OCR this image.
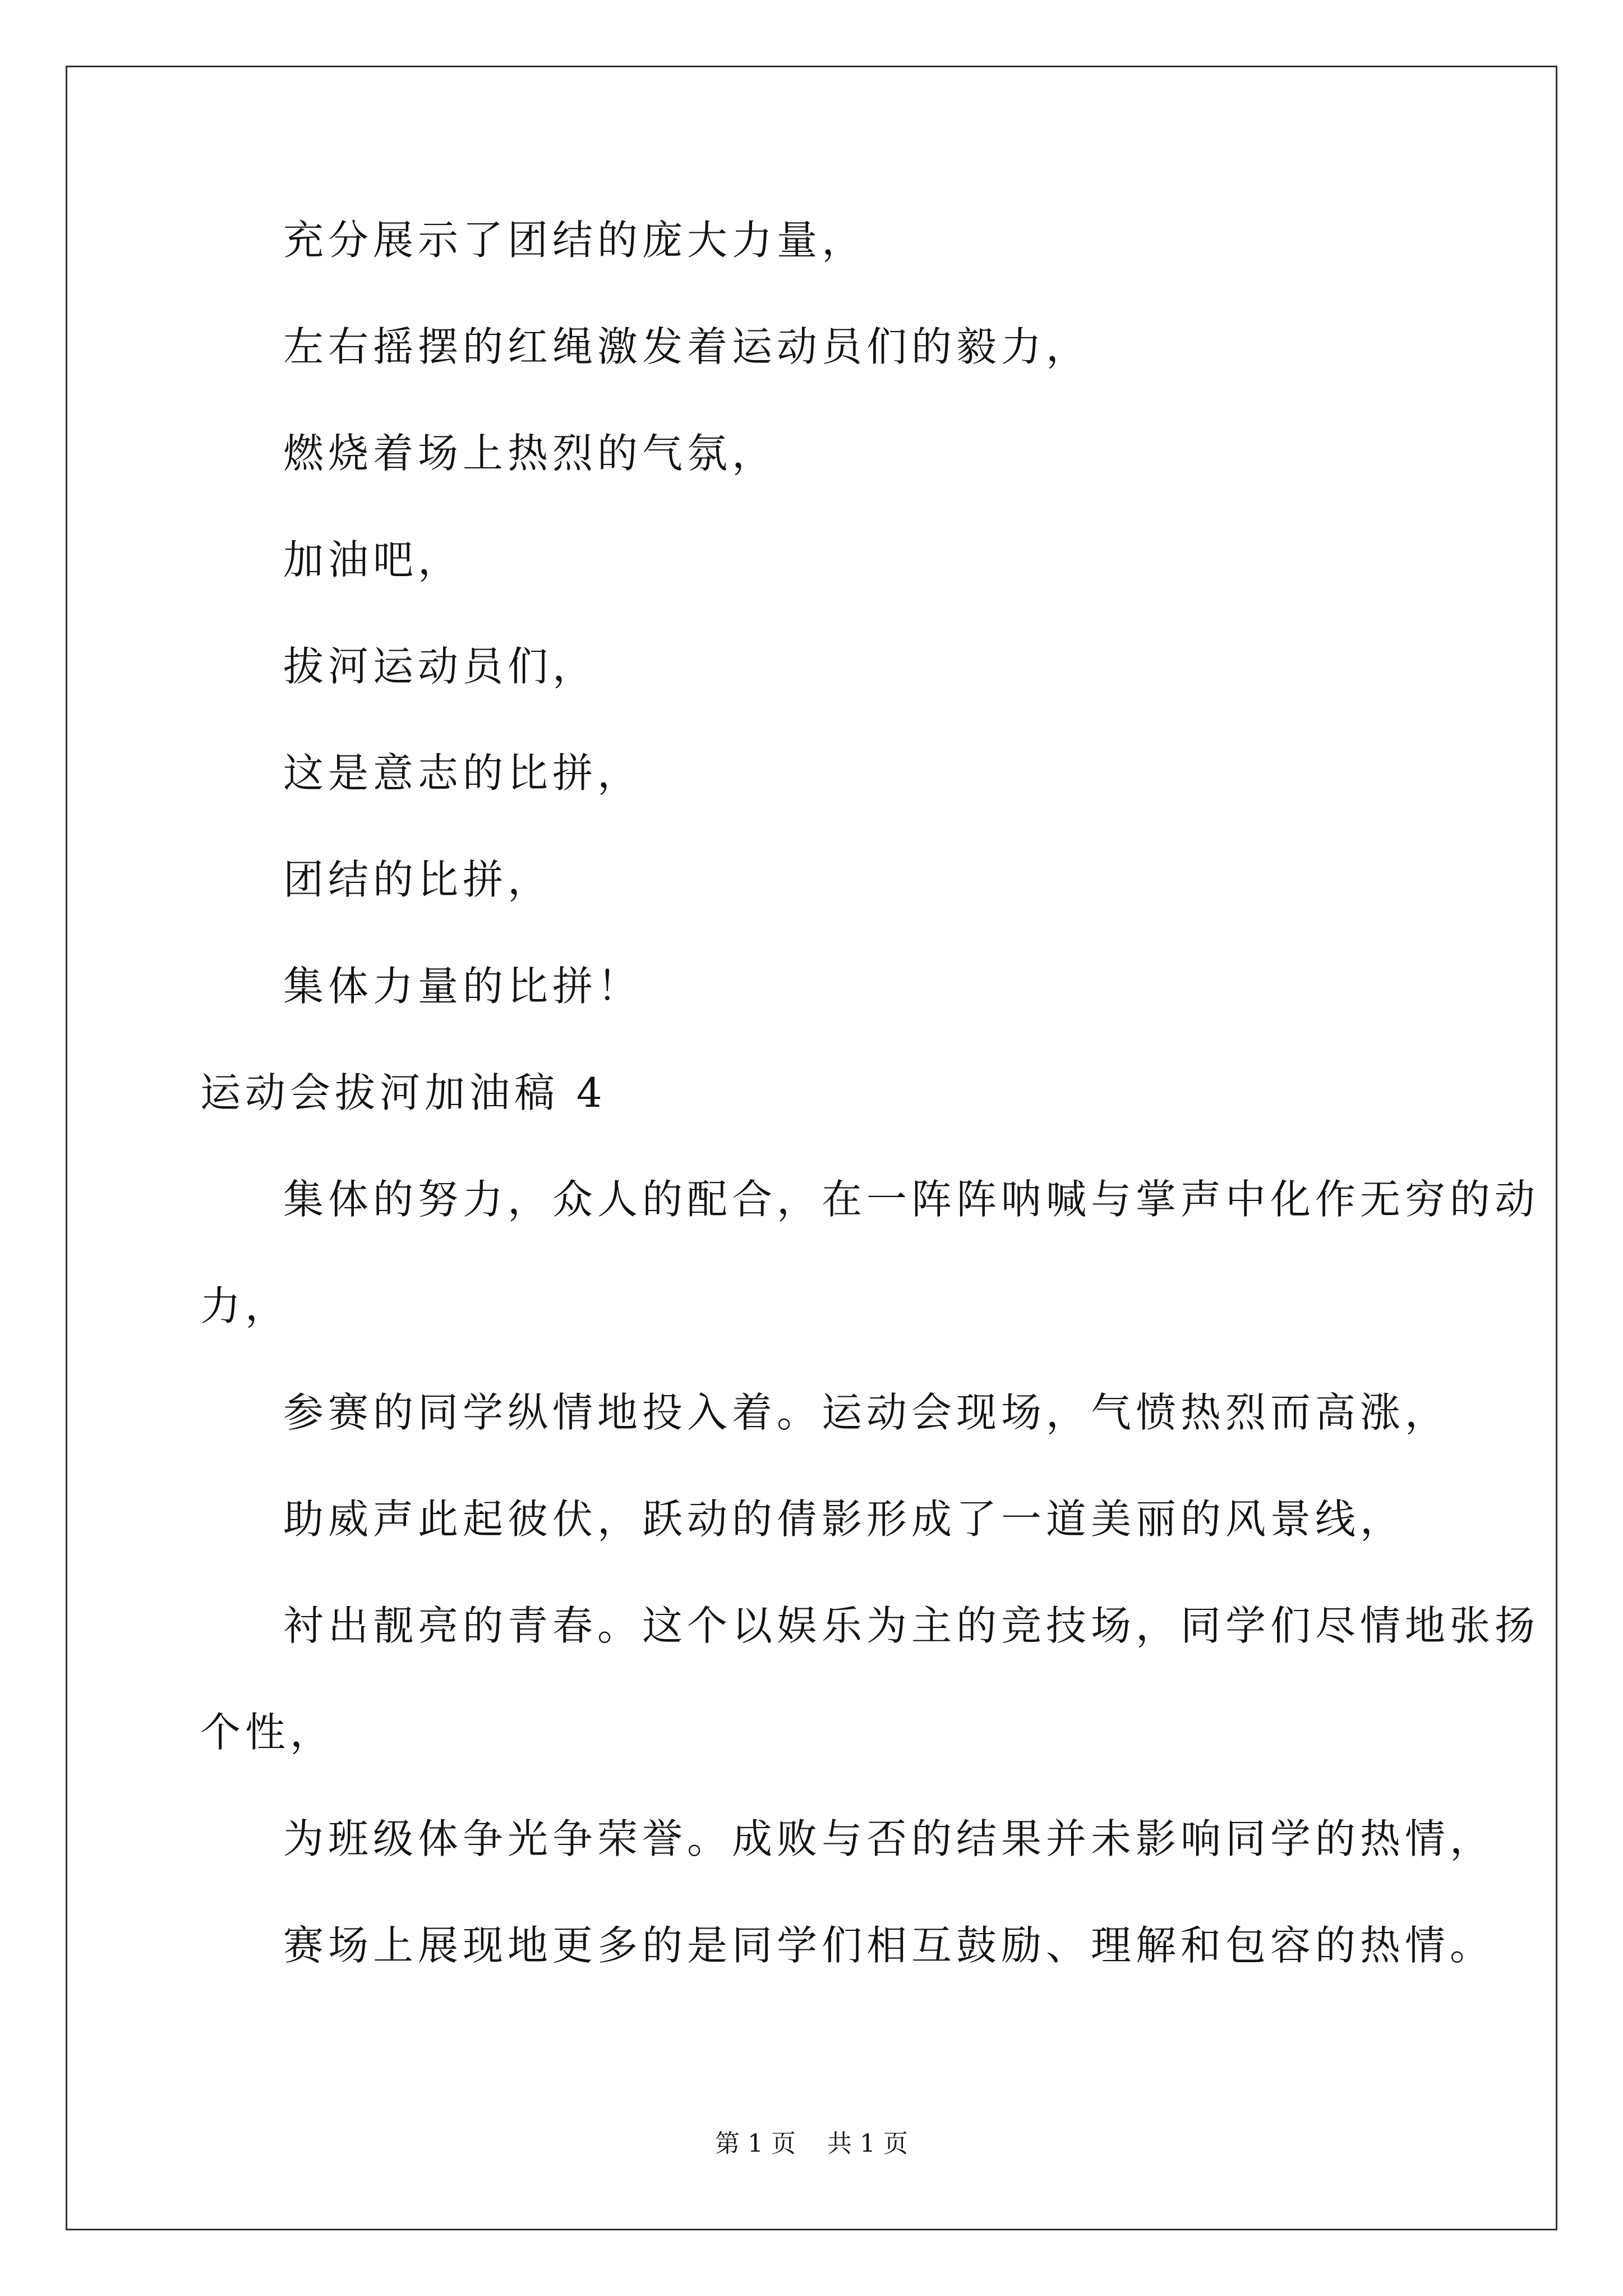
充分展示了团结的庞大力量，
左右摇摆的红绳激发着运动员们的毅力，
燃烧着场上热烈的气氛，
加油吧，
拔河运动员们，
这是意志的比拼，
团结的比拼，
集体力量的比拼！
运动会拔河加油稿 4
集体的努力，众人的配合，在一阵阵呐喊与掌声中化作无穷的动
力，
参赛的同学纵情地投入着。运动会现场，气愤热烈而高涨，
助威声此起彼伏，跃动的倩影形成了一道美丽的风景线，
衬出靓亮的青春。这个以娱乐为主的竞技场，同学们尽情地张扬
个性，
为班级体争光争荣誉。成败与否的结果并未影响同学的热情，
赛场上展现地更多的是同学们相互鼓励、理解和包容的热情。
第 1 页 共 1 页
